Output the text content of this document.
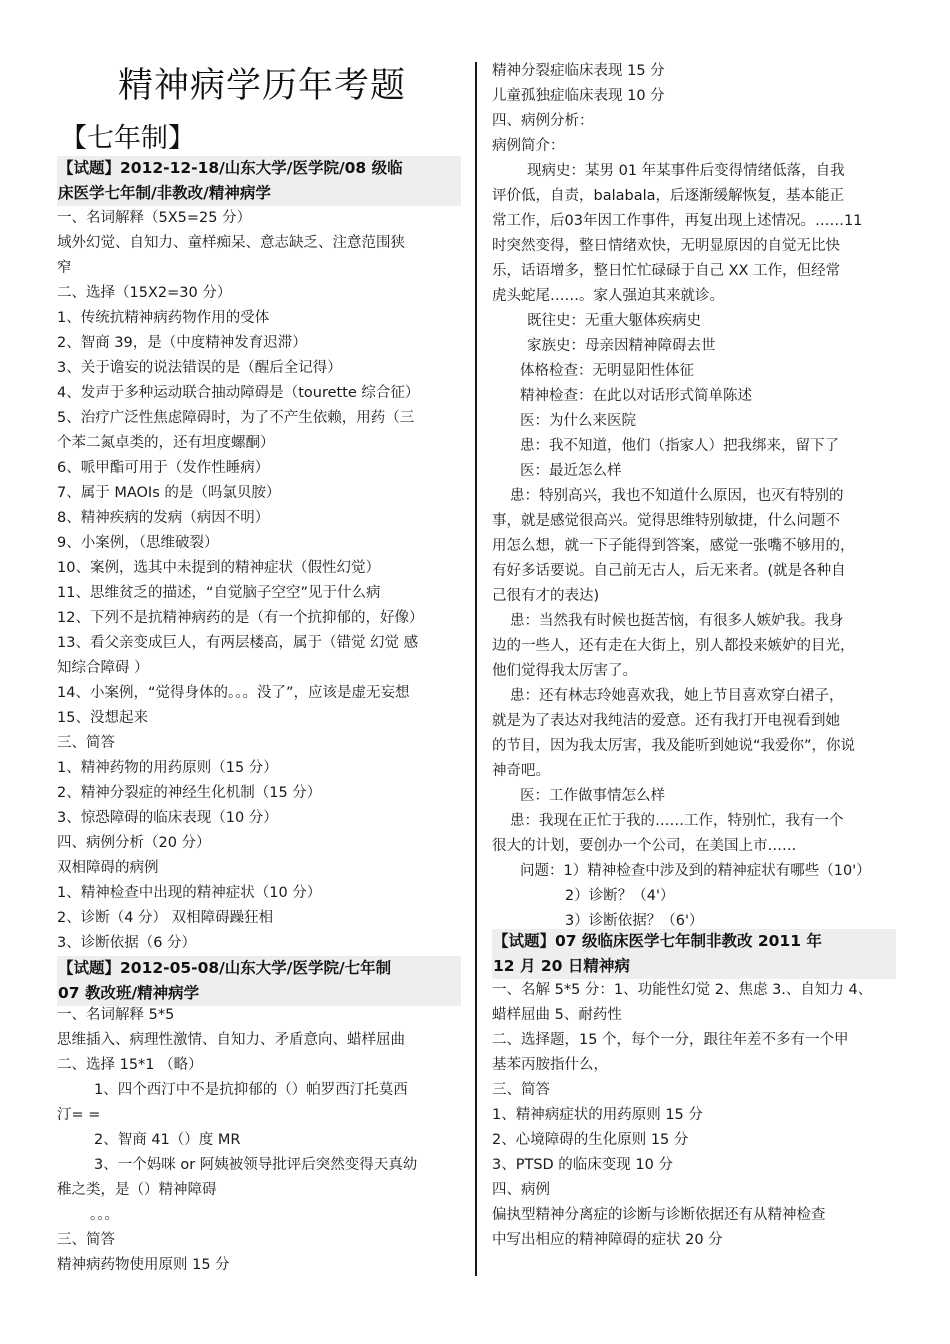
精神病学历年考题
【七年制】
【试题】2012-12-18/山东大学/医学院/08 级临
床医学七年制/非教改/精神病学
一、名词解释（5X5=25 分）
域外幻觉、自知力、童样痴呆、意志缺乏、注意范围狭
窄
二、选择（15X2=30 分）
1、传统抗精神病药物作用的受体
2、智商 39，是（中度精神发育迟滞）
3、关于谵妄的说法错误的是（醒后全记得）
4、发声于多种运动联合抽动障碍是（tourette 综合征）
5、治疗广泛性焦虑障碍时，为了不产生依赖，用药（三
个苯二氮卓类的，还有坦度螺酮）
6、哌甲酯可用于（发作性睡病）
7、属于 MAOIs 的是（吗氯贝胺）
8、精神疾病的发病（病因不明）
9、小案例，（思维破裂）
10、案例，选其中未提到的精神症状（假性幻觉）
11、思维贫乏的描述，“自觉脑子空空”见于什么病
12、下列不是抗精神病药的是（有一个抗抑郁的，好像）
13、看父亲变成巨人，有两层楼高，属于（错觉 幻觉 感
知综合障碍 ）
14、小案例，“觉得身体的。。。没了”，应该是虚无妄想
15、没想起来
三、简答
1、精神药物的用药原则（15 分）
2、精神分裂症的神经生化机制（15 分）
3、惊恐障碍的临床表现（10 分）
四、病例分析（20 分）
双相障碍的病例
1、精神检查中出现的精神症状（10 分）
2、诊断（4 分） 双相障碍躁狂相
3、诊断依据（6 分）
【试题】2012-05-08/山东大学/医学院/七年制
07 教改班/精神病学
一、名词解释 5*5
思维插入、病理性激情、自知力、矛盾意向、蜡样屈曲
二、选择 15*1 （略）
1、四个西汀中不是抗抑郁的（）帕罗西汀托莫西
汀= =
2、智商 41（）度 MR
3、一个妈咪 or 阿姨被领导批评后突然变得天真幼
稚之类，是（）精神障碍
。。。
三、简答
精神病药物使用原则 15 分
精神分裂症临床表现 15 分
儿童孤独症临床表现 10 分
四、病例分析：
病例简介：
现病史：某男 01 年某事件后变得情绪低落，自我
评价低，自责，balabala，后逐渐缓解恢复，基本能正
常工作，后03年因工作事件，再复出现上述情况。……11
时突然变得，整日情绪欢快，无明显原因的自觉无比快
乐，话语增多，整日忙忙碌碌于自己 XX 工作，但经常
虎头蛇尾……。家人强迫其来就诊。
既往史：无重大躯体疾病史
家族史：母亲因精神障碍去世
体格检查：无明显阳性体征
精神检查：在此以对话形式简单陈述
医：为什么来医院
患：我不知道，他们（指家人）把我绑来，留下了
医：最近怎么样
患：特别高兴，我也不知道什么原因，也灭有特别的
事，就是感觉很高兴。觉得思维特别敏捷，什么问题不
用怎么想，就一下子能得到答案，感觉一张嘴不够用的，
有好多话要说。自己前无古人，后无来者。(就是各种自
己很有才的表达)
患：当然我有时候也挺苦恼，有很多人嫉妒我。我身
边的一些人，还有走在大街上，别人都投来嫉妒的目光，
他们觉得我太厉害了。
患：还有林志玲她喜欢我，她上节目喜欢穿白裙子，
就是为了表达对我纯洁的爱意。还有我打开电视看到她
的节目，因为我太厉害，我及能听到她说“我爱你”，你说
神奇吧。
医：工作做事情怎么样
患：我现在正忙于我的……工作，特别忙，我有一个
很大的计划，要创办一个公司，在美国上市……
问题：1）精神检查中涉及到的精神症状有哪些（10'）
2）诊断？（4'）
3）诊断依据？（6'）
【试题】07 级临床医学七年制非教改 2011 年
12 月 20 日精神病
一、名解 5*5 分：1、功能性幻觉 2、焦虑 3.、自知力 4、
蜡样屈曲 5、耐药性
二、选择题，15 个，每个一分，跟往年差不多有一个甲
基苯丙胺指什么，
三、简答
1、精神病症状的用药原则 15 分
2、心境障碍的生化原则 15 分
3、PTSD 的临床变现 10 分
四、病例
偏执型精神分离症的诊断与诊断依据还有从精神检查
中写出相应的精神障碍的症状 20 分
